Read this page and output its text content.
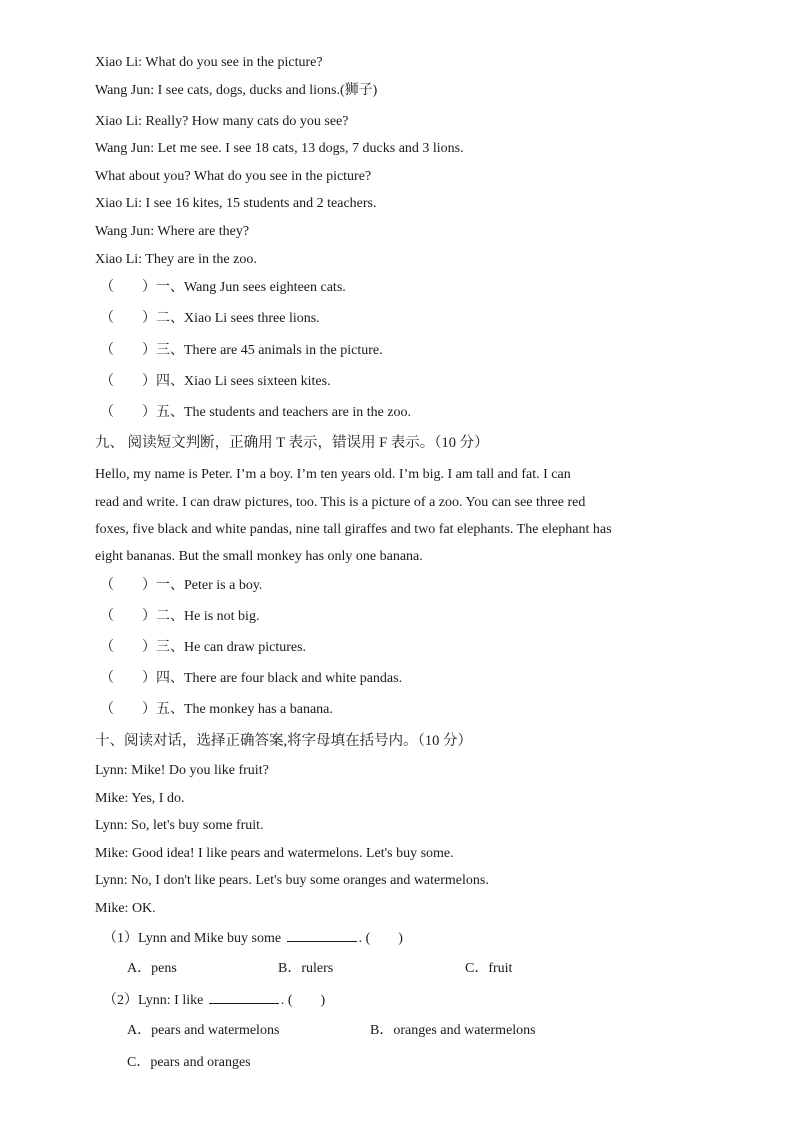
Xiao Li: What do you see in the picture?
Wang Jun: I see cats, dogs, ducks and lions.(狮子)
Xiao Li: Really? How many cats do you see?
Wang Jun: Let me see. I see 18 cats, 13 dogs, 7 ducks and 3 lions.
What about you? What do you see in the picture?
Xiao Li: I see 16 kites, 15 students and 2 teachers.
Wang Jun: Where are they?
Xiao Li: They are in the zoo.
（　　）一、Wang Jun sees eighteen cats.
（　　）二、Xiao Li sees three lions.
（　　）三、There are 45 animals in the picture.
（　　）四、Xiao Li sees sixteen kites.
（　　）五、The students and teachers are in the zoo.
九、 阅读短文判断，正确用 T 表示，错误用 F 表示。（10 分）
Hello, my name is Peter. I’m a boy. I’m ten years old. I’m big. I am tall and fat. I can
read and write. I can draw pictures, too. This is a picture of a zoo. You can see three red
foxes, five black and white pandas, nine tall giraffes and two fat elephants. The elephant has
eight bananas. But the small monkey has only one banana.
（　　）一、Peter is a boy.
（　　）二、He is not big.
（　　）三、He can draw pictures.
（　　）四、There are four black and white pandas.
（　　）五、The monkey has a banana.
十、阅读对话，选择正确答案,将字母填在括号内。（10 分）
Lynn: Mike! Do you like fruit?
Mike: Yes, I do.
Lynn: So, let's buy some fruit.
Mike: Good idea! I like pears and watermelons. Let's buy some.
Lynn: No, I don't like pears. Let's buy some oranges and watermelons.
Mike: OK.
（1）Lynn and Mike buy some	. (　　)
A．pens	B．rulers	C．fruit
（2）Lynn: I like	. (　　)
A．pears and watermelons	B．oranges and watermelons
C．pears and oranges
